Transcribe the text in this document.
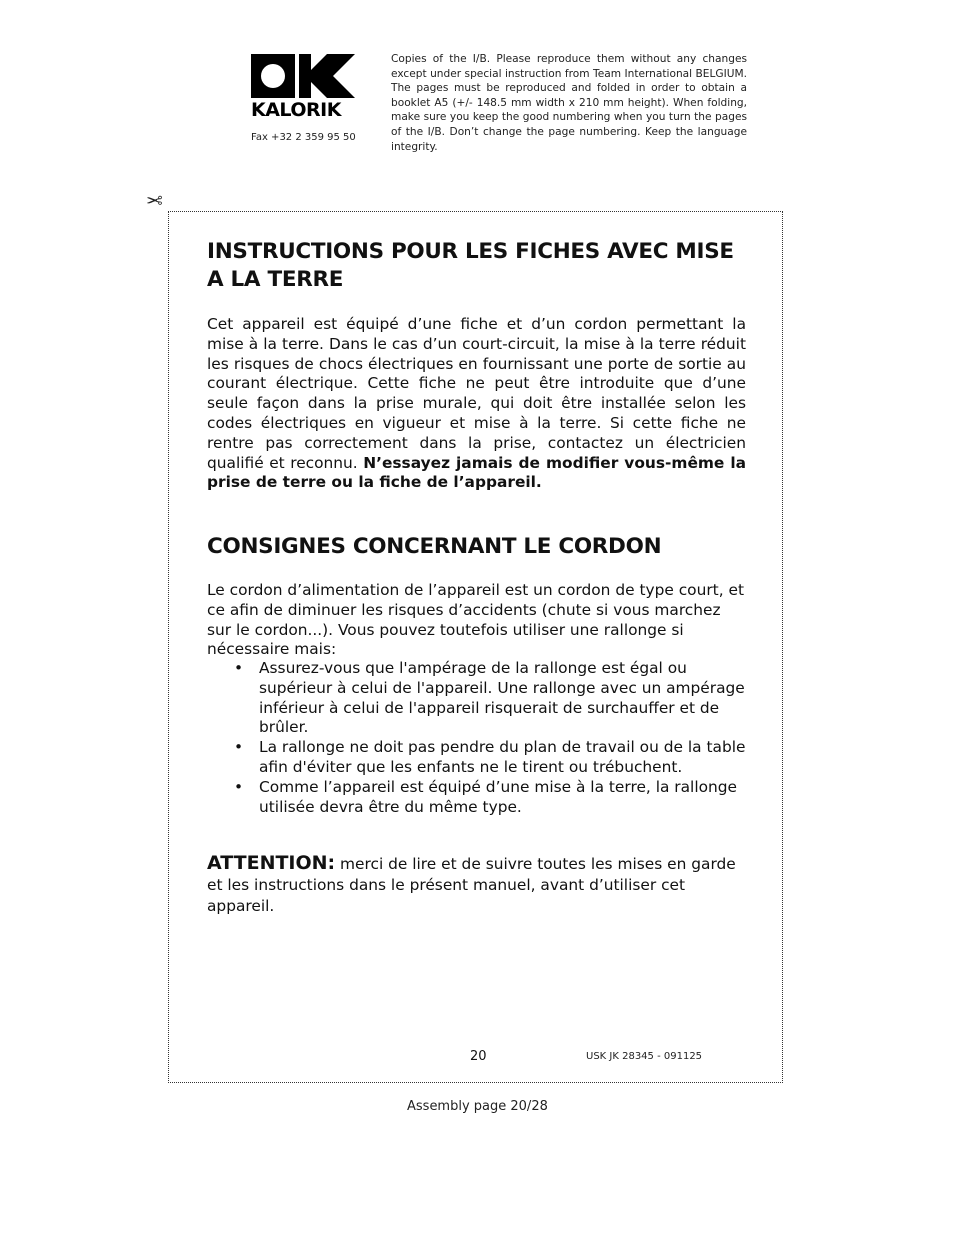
KALORIK
Fax +32 2 359 95 50
Copies of the I/B. Please reproduce them without any changes except under special instruction from Team International BELGIUM. The pages must be reproduced and folded in order to obtain a booklet A5 (+/- 148.5 mm width x 210 mm height). When folding, make sure you keep the good numbering when you turn the pages of the I/B. Don’t change the page numbering. Keep the language integrity.
✂
INSTRUCTIONS POUR LES FICHES AVEC MISE A LA TERRE
Cet appareil est équipé d’une fiche et d’un cordon permettant la mise à la terre. Dans le cas d’un court-circuit, la mise à la terre réduit les risques de chocs électriques en fournissant une porte de sortie au courant électrique. Cette fiche ne peut être introduite que d’une seule façon dans la prise murale, qui doit être installée selon les codes électriques en vigueur et mise à la terre. Si cette fiche ne rentre pas correctement dans la prise, contactez un électricien qualifié et reconnu. N’essayez jamais de modifier vous-même la prise de terre ou la fiche de l’appareil.
CONSIGNES CONCERNANT LE CORDON
Le cordon d’alimentation de l’appareil est un cordon de type court, et ce afin de diminuer les risques d’accidents (chute si vous marchez sur le cordon...). Vous pouvez toutefois utiliser une rallonge si nécessaire mais:
• Assurez-vous que l'ampérage de la rallonge est égal ou supérieur à celui de l'appareil. Une rallonge avec un ampérage inférieur à celui de l'appareil risquerait de surchauffer et de brûler.
• La rallonge ne doit pas pendre du plan de travail ou de la table afin d'éviter que les enfants ne le tirent ou trébuchent.
• Comme l’appareil est équipé d’une mise à la terre, la rallonge utilisée devra être du même type.
ATTENTION: merci de lire et de suivre toutes les mises en garde et les instructions dans le présent manuel, avant d’utiliser cet appareil.
20	USK JK 28345 - 091125
Assembly page 20/28
